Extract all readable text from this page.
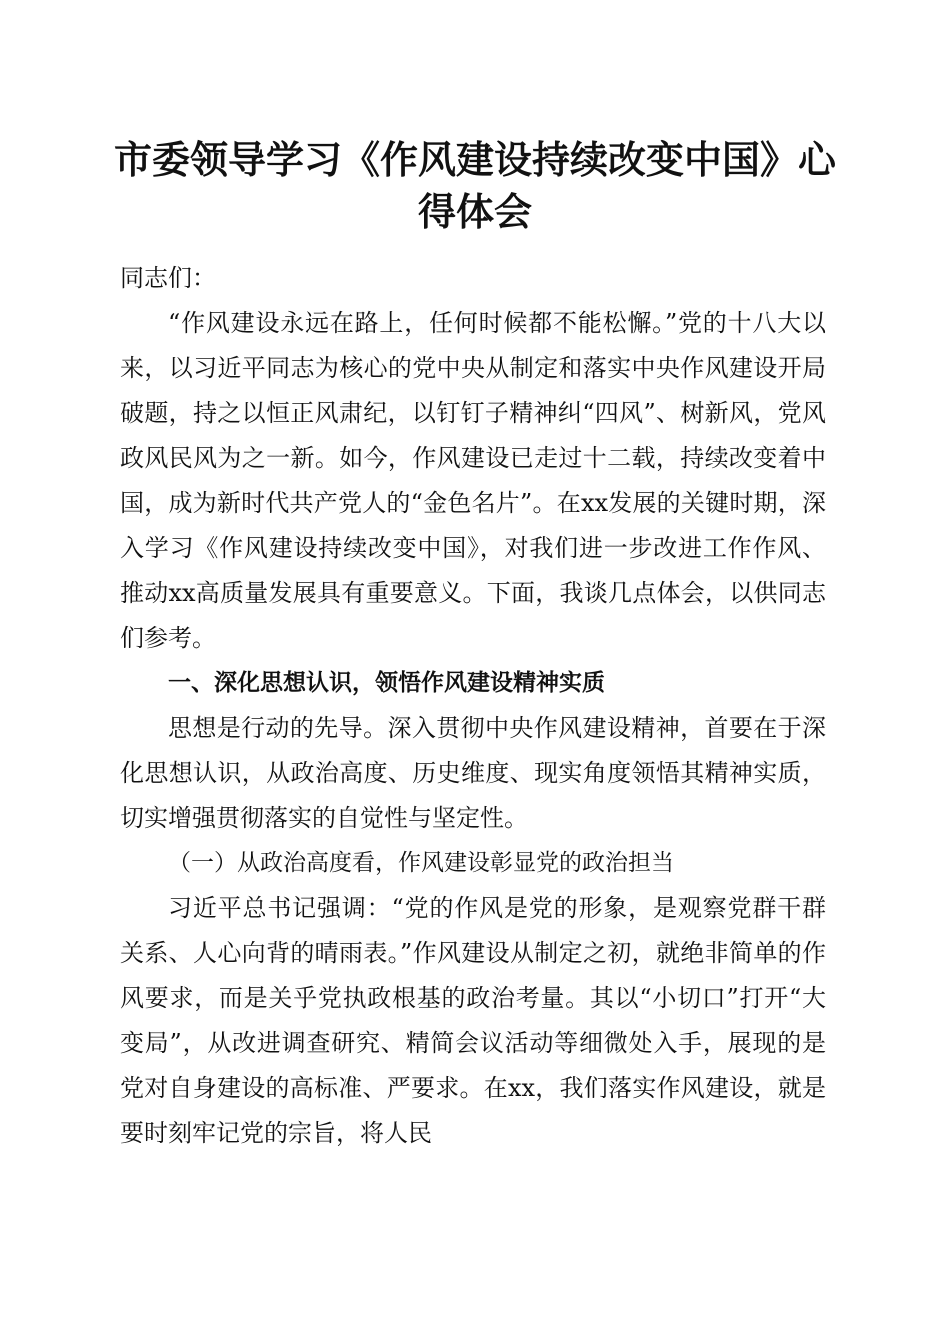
市委领导学习《作风建设持续改变中国》心得体会

同志们：

“作风建设永远在路上，任何时候都不能松懈。”党的十八大以来，以习近平同志为核心的党中央从制定和落实中央作风建设开局破题，持之以恒正风肃纪，以钉钉子精神纠“四风”、树新风，党风政风民风为之一新。如今，作风建设已走过十二载，持续改变着中国，成为新时代共产党人的“金色名片”。在xx发展的关键时期，深入学习《作风建设持续改变中国》，对我们进一步改进工作作风、推动xx高质量发展具有重要意义。下面，我谈几点体会，以供同志们参考。

一、深化思想认识，领悟作风建设精神实质

思想是行动的先导。深入贯彻中央作风建设精神，首要在于深化思想认识，从政治高度、历史维度、现实角度领悟其精神实质，切实增强贯彻落实的自觉性与坚定性。

（一）从政治高度看，作风建设彰显党的政治担当

习近平总书记强调：“党的作风是党的形象，是观察党群干群关系、人心向背的晴雨表。”作风建设从制定之初，就绝非简单的作风要求，而是关乎党执政根基的政治考量。其以“小切口”打开“大变局”，从改进调查研究、精简会议活动等细微处入手，展现的是党对自身建设的高标准、严要求。在xx，我们落实作风建设，就是要时刻牢记党的宗旨，将人民
